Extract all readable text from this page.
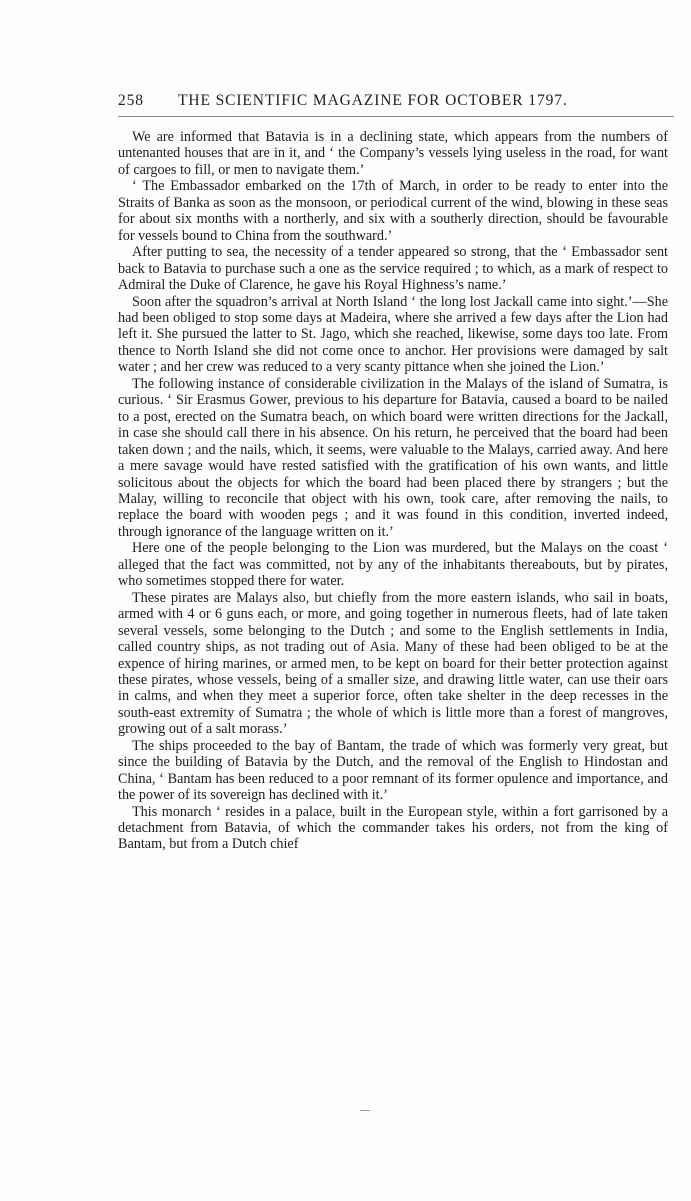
258 THE SCIENTIFIC MAGAZINE FOR OCTOBER 1797.

We are informed that Batavia is in a declining state, which appears from the numbers of untenanted houses that are in it, and ‘ the Company’s vessels lying useless in the road, for want of cargoes to fill, or men to navigate them.’

‘ The Embassador embarked on the 17th of March, in order to be ready to enter into the Straits of Banka as soon as the monsoon, or periodical current of the wind, blowing in these seas for about six months with a northerly, and six with a southerly direction, should be favourable for vessels bound to China from the southward.’

After putting to sea, the necessity of a tender appeared so strong, that the ‘ Embassador sent back to Batavia to purchase such a one as the service required ; to which, as a mark of respect to Admiral the Duke of Clarence, he gave his Royal Highness’s name.’

Soon after the squadron’s arrival at North Island ‘ the long lost Jackall came into sight.’—She had been obliged to stop some days at Madeira, where she arrived a few days after the Lion had left it. She pursued the latter to St. Jago, which she reached, likewise, some days too late. From thence to North Island she did not come once to anchor. Her provisions were damaged by salt water ; and her crew was reduced to a very scanty pittance when she joined the Lion.’

The following instance of considerable civilization in the Malays of the island of Sumatra, is curious. ‘ Sir Erasmus Gower, previous to his departure for Batavia, caused a board to be nailed to a post, erected on the Sumatra beach, on which board were written directions for the Jackall, in case she should call there in his absence. On his return, he perceived that the board had been taken down ; and the nails, which, it seems, were valuable to the Malays, carried away. And here a mere savage would have rested satisfied with the gratification of his own wants, and little solicitous about the objects for which the board had been placed there by strangers ; but the Malay, willing to reconcile that object with his own, took care, after removing the nails, to replace the board with wooden pegs ; and it was found in this condition, inverted indeed, through ignorance of the language written on it.’

Here one of the people belonging to the Lion was murdered, but the Malays on the coast ‘ alleged that the fact was committed, not by any of the inhabitants thereabouts, but by pirates, who sometimes stopped there for water.

These pirates are Malays also, but chiefly from the more eastern islands, who sail in boats, armed with 4 or 6 guns each, or more, and going together in numerous fleets, had of late taken several vessels, some belonging to the Dutch ; and some to the English settlements in India, called country ships, as not trading out of Asia. Many of these had been obliged to be at the expence of hiring marines, or armed men, to be kept on board for their better protection against these pirates, whose vessels, being of a smaller size, and drawing little water, can use their oars in calms, and when they meet a superior force, often take shelter in the deep recesses in the south-east extremity of Sumatra ; the whole of which is little more than a forest of mangroves, growing out of a salt morass.’

The ships proceeded to the bay of Bantam, the trade of which was formerly very great, but since the building of Batavia by the Dutch, and the removal of the English to Hindostan and China, ‘ Bantam has been reduced to a poor remnant of its former opulence and importance, and the power of its sovereign has declined with it.’

This monarch ‘ resides in a palace, built in the European style, within a fort garrisoned by a detachment from Batavia, of which the commander takes his orders, not from the king of Bantam, but from a Dutch chief
